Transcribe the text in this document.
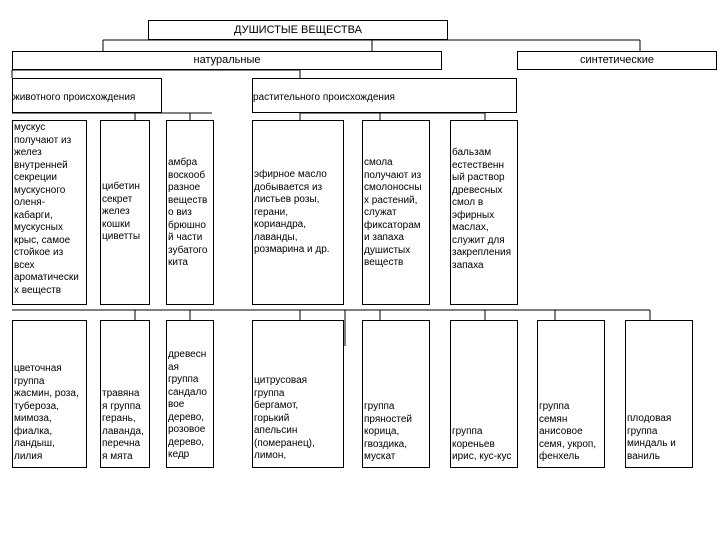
ДУШИСТЫЕ ВЕЩЕСТВА
натуральные	синтетические
животного происхождения	растительного происхождения
мускус
получают из
желез
внутренней
секреции
мускусного
оленя-
кабарги,
мускусных
крыс, самое
стойкое из
всех
ароматически
х веществ
цибетин
секрет
желез
кошки
циветты
амбра
воскооб
разное
веществ
о виз
брюшно
й части
зубатого
кита
эфирное масло
добывается из
листьев розы,
герани,
кориандра,
лаванды,
розмарина и др.
смола
получают из
смолоносны
х растений,
служат
фиксаторам
и запаха
душистых
веществ
бальзам
естественн
ый раствор
древесных
смол в
эфирных
маслах,
служит для
закрепления
запаха
цветочная
группа
жасмин, роза,
тубероза,
мимоза,
фиалка,
ландыш,
лилия
травяна
я группа
герань,
лаванда,
перечна
я мята
древесн
ая
группа
сандало
вое
дерево,
розовое
дерево,
кедр
цитрусовая
группа
бергамот,
горький
апельсин
(померанец),
лимон,
группа
пряностей
корица,
гвоздика,
мускат
группа
кореньев
ирис, кус-кус
группа
семян
анисовое
семя, укроп,
фенхель
плодовая
группа
миндаль и
ваниль
